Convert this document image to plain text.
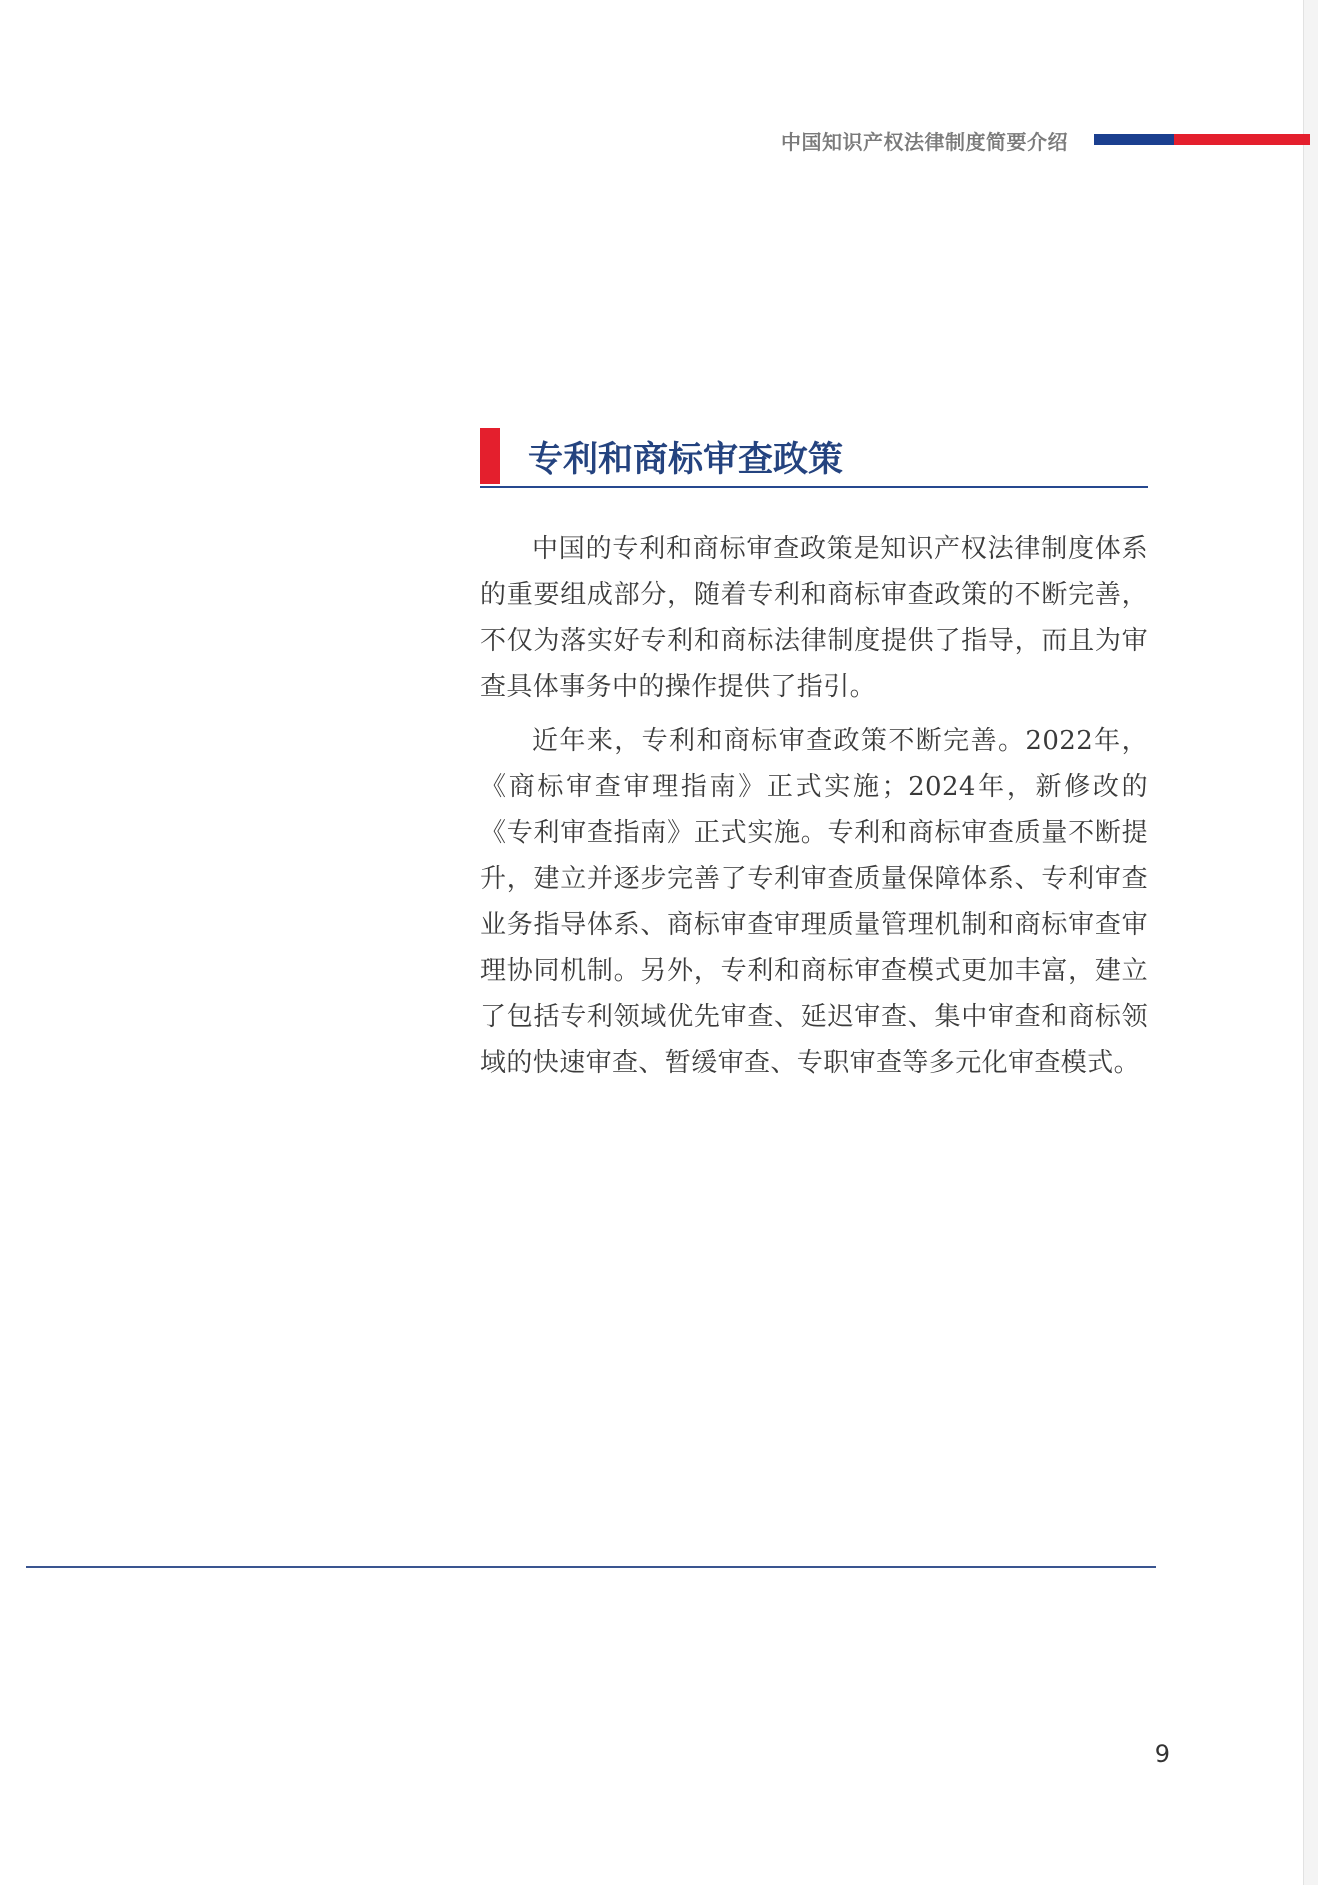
中国知识产权法律制度简要介绍
专利和商标审查政策

中国的专利和商标审查政策是知识产权法律制度体系的重要组成部分，随着专利和商标审查政策的不断完善，不仅为落实好专利和商标法律制度提供了指导，而且为审查具体事务中的操作提供了指引。

近年来，专利和商标审查政策不断完善。2022年，《商标审查审理指南》正式实施；2024年，新修改的《专利审查指南》正式实施。专利和商标审查质量不断提升，建立并逐步完善了专利审查质量保障体系、专利审查业务指导体系、商标审查审理质量管理机制和商标审查审理协同机制。另外，专利和商标审查模式更加丰富，建立了包括专利领域优先审查、延迟审查、集中审查和商标领域的快速审查、暂缓审查、专职审查等多元化审查模式。

9
